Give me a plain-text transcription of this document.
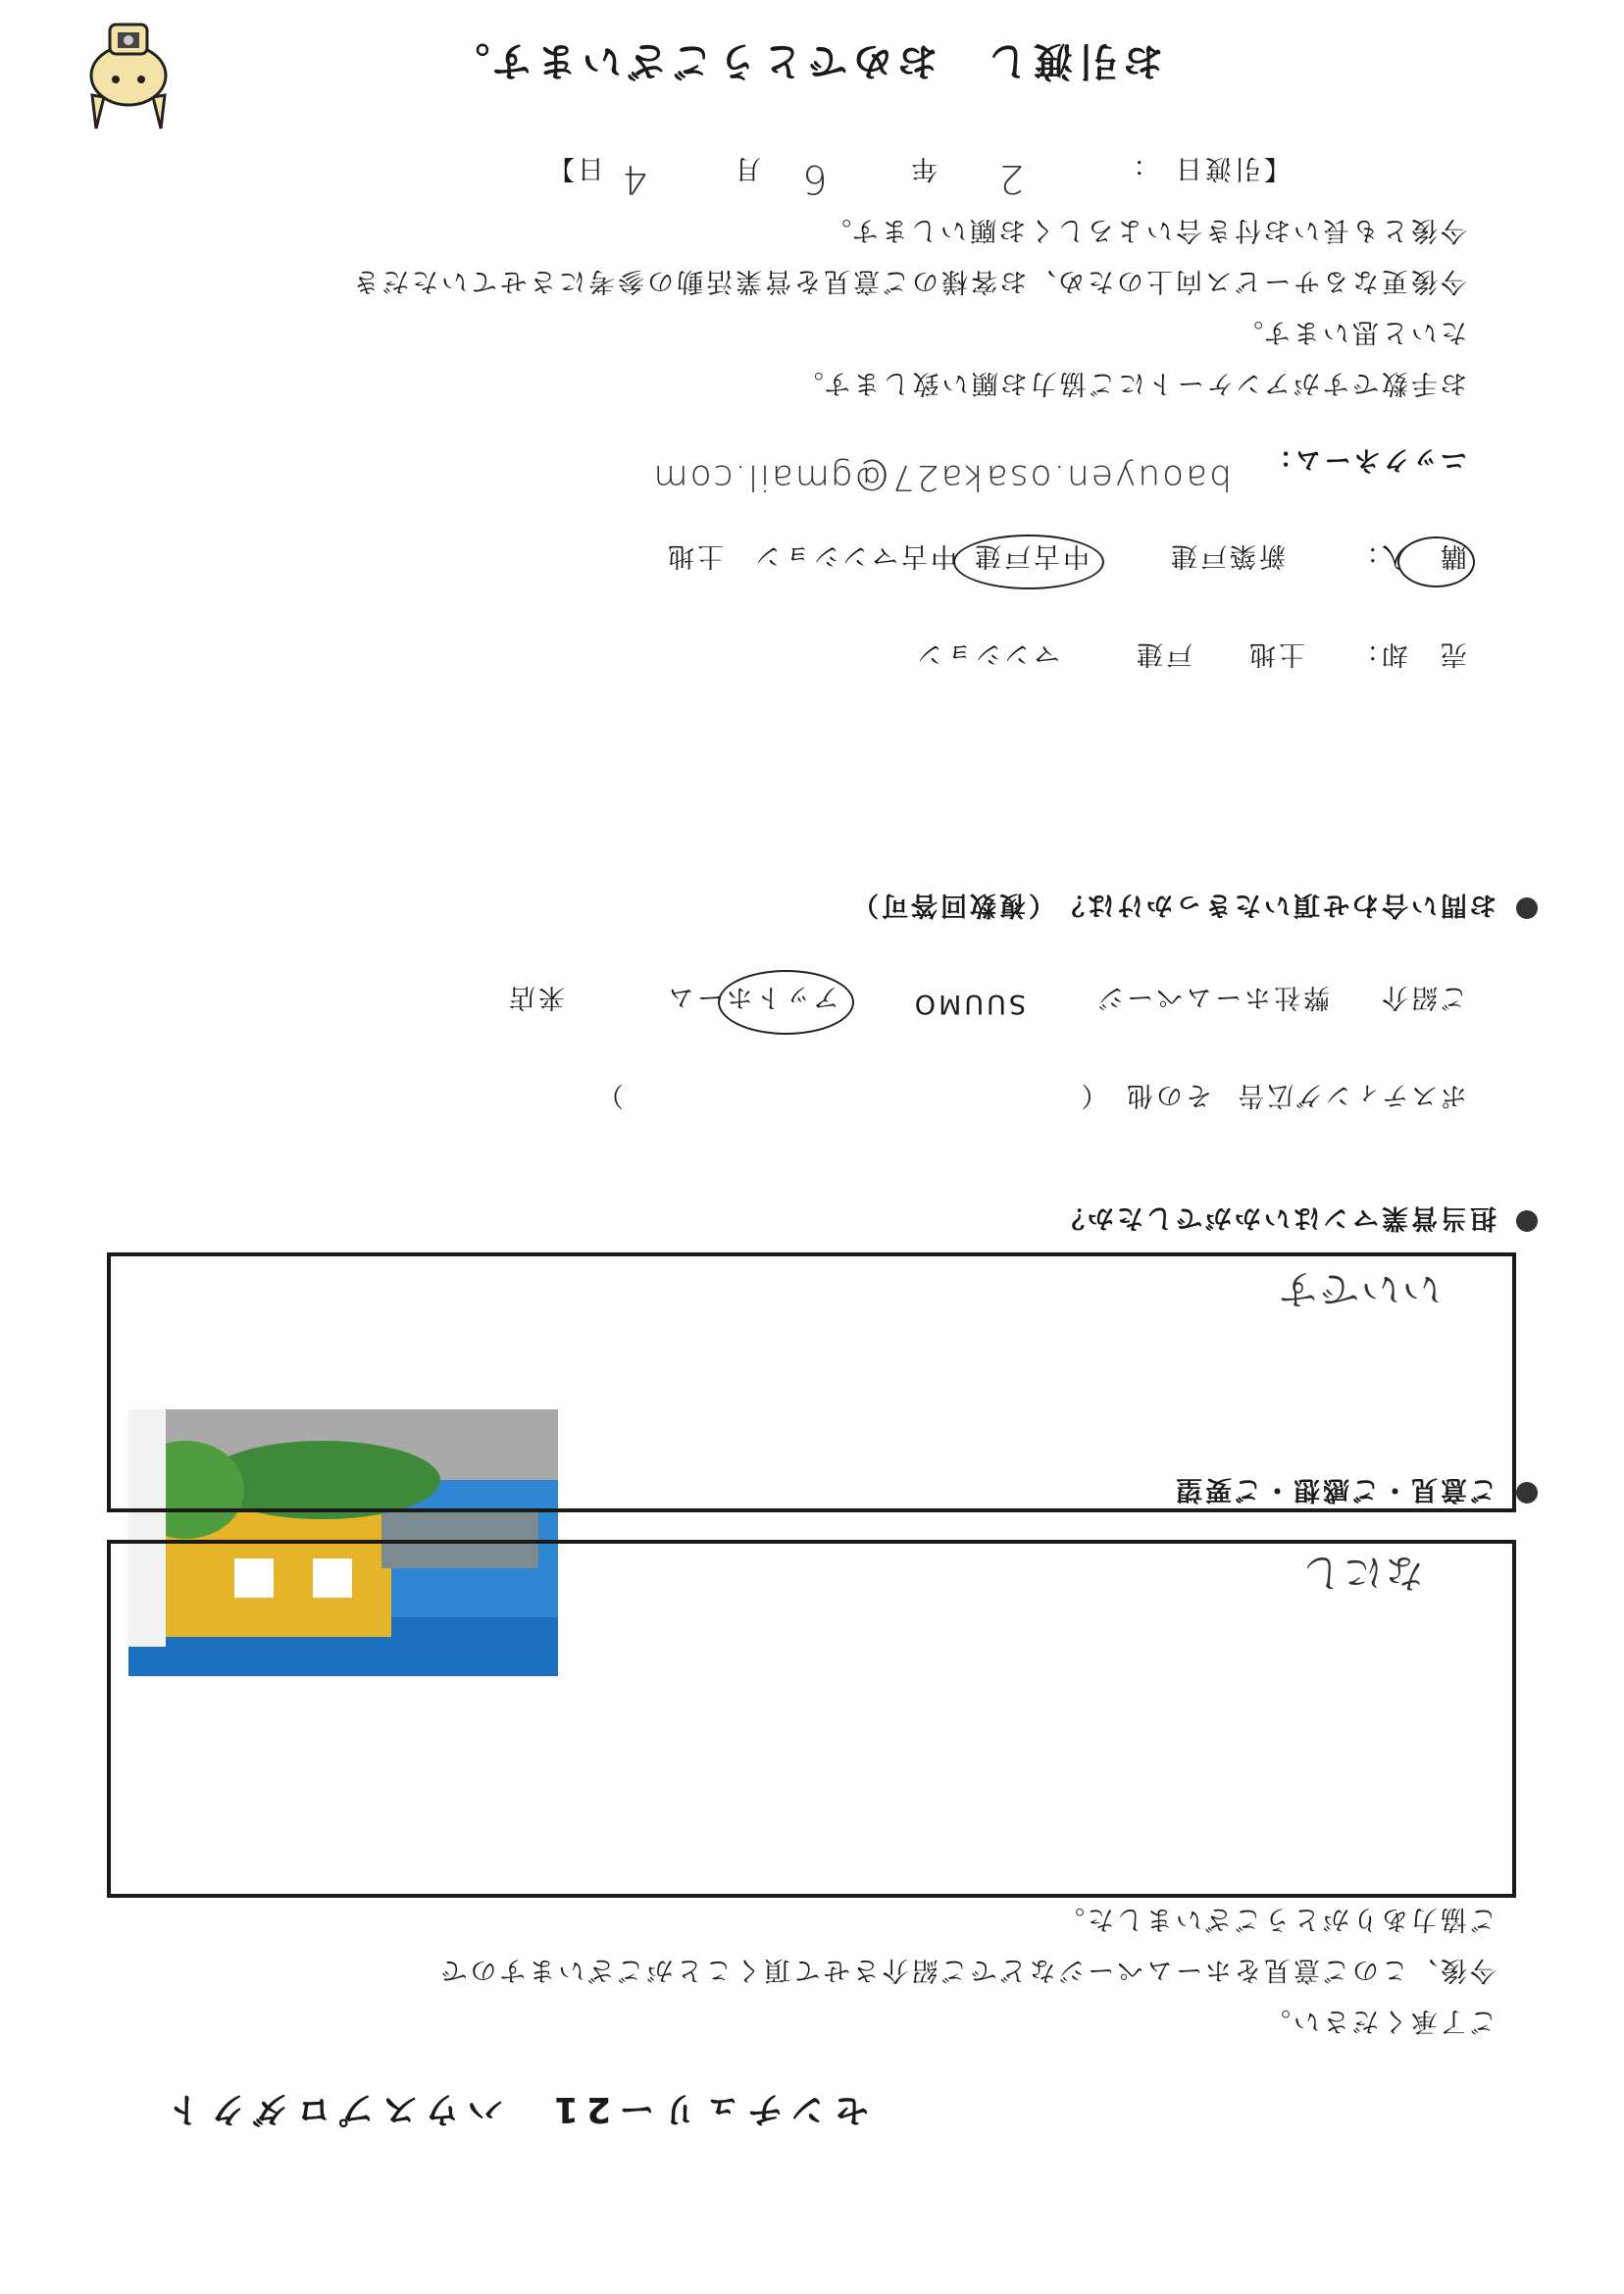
お引渡し　おめでとうございます。
【引渡日
：
2
年
6
月
4
日】
今後とも長いお付き合いよろしくお願いします。
今後更なるサービス向上のため、お客様のご意見を営業活動の参考にさせていただき
たいと思います。
お手数ですがアンケートにご協力お願い致します。
ニックネーム：
baouyen.osaka27@gmail.com
購　入：
新築戸建
中古戸建
中古マンション
土地
売　却：
土地
戸建
マンション
お問い合わせ頂いたきっかけは？（複数回答可）
ご紹介
弊社ホームページ
SUUMO
アットホーム
来店
ポスティング広告
その他　（
）
担当営業マンはいかがでしたか？
いいです
ご意見・ご感想・ご要望
なにし
ご協力ありがとうございました。
今後、このご意見をホームページなどでご紹介させて頂くことがございますので
ご了承ください。
センチュリー21　ハウスプロダクト
